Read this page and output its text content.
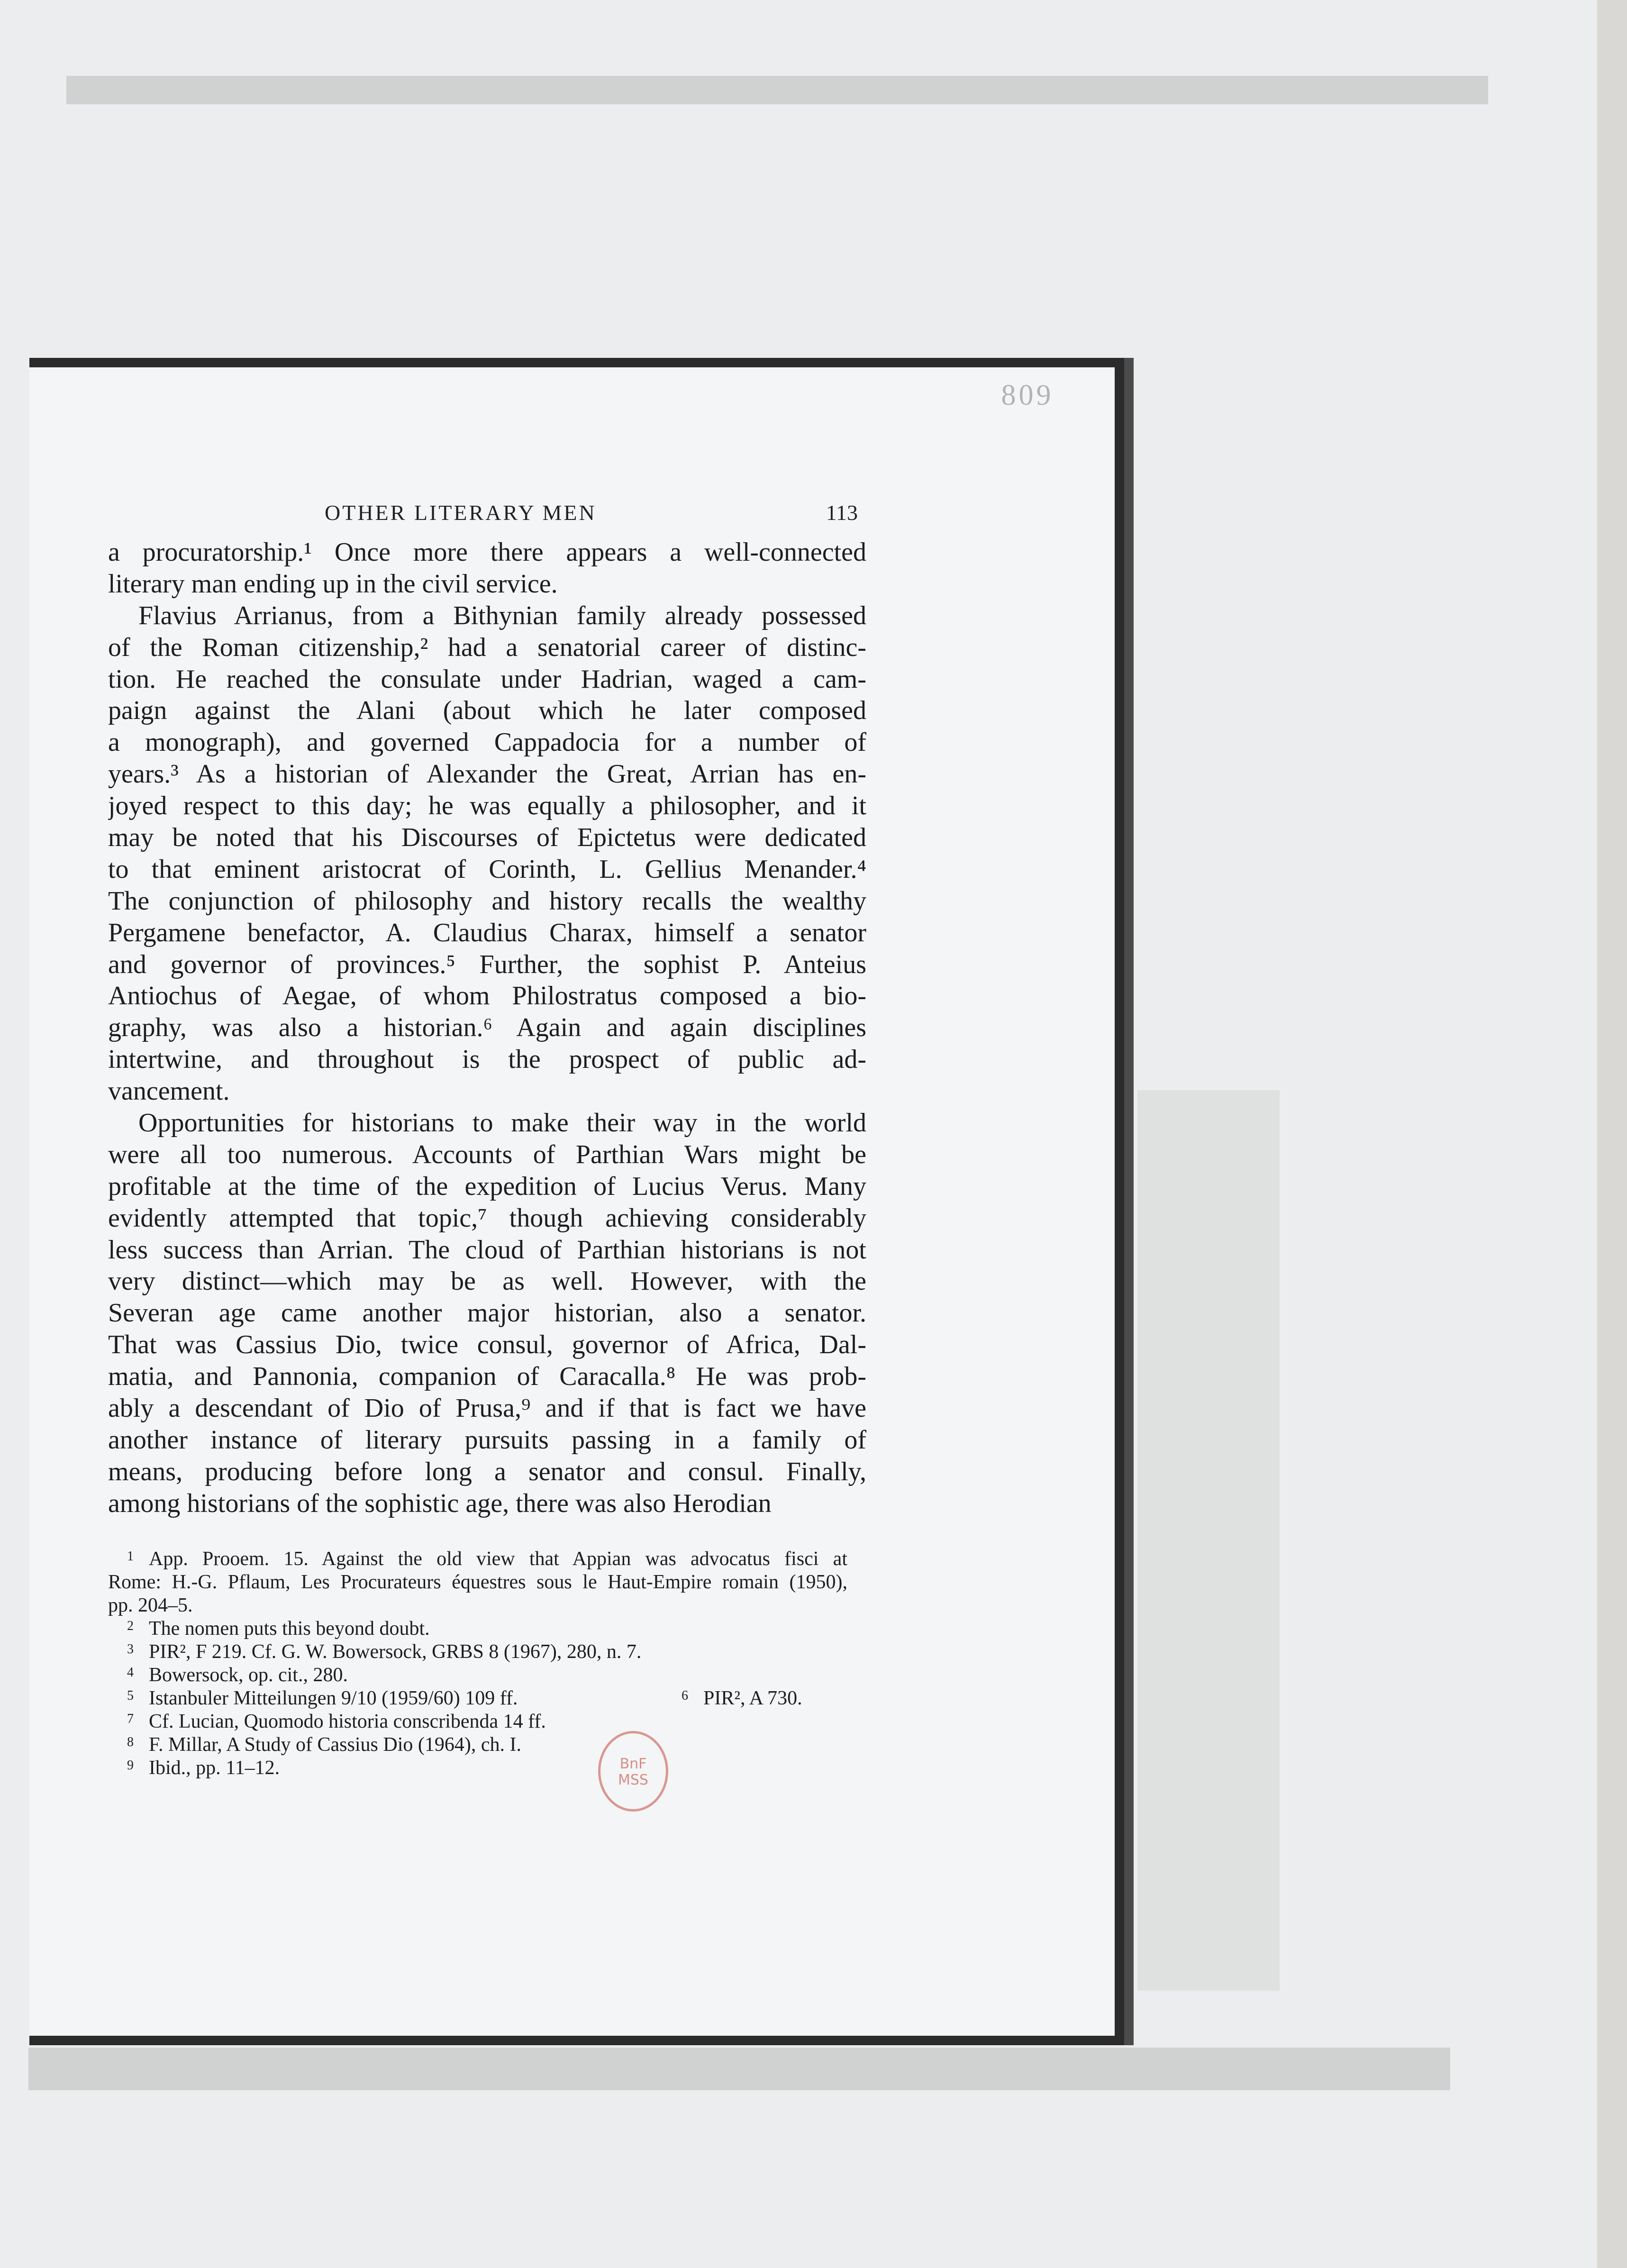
809
OTHER LITERARY MEN	113
a procuratorship.¹ Once more there appears a well-connected
literary man ending up in the civil service.
Flavius Arrianus, from a Bithynian family already possessed
of the Roman citizenship,² had a senatorial career of distinc-
tion. He reached the consulate under Hadrian, waged a cam-
paign against the Alani (about which he later composed
a monograph), and governed Cappadocia for a number of
years.³ As a historian of Alexander the Great, Arrian has en-
joyed respect to this day; he was equally a philosopher, and it
may be noted that his Discourses of Epictetus were dedicated
to that eminent aristocrat of Corinth, L. Gellius Menander.⁴
The conjunction of philosophy and history recalls the wealthy
Pergamene benefactor, A. Claudius Charax, himself a senator
and governor of provinces.⁵ Further, the sophist P. Anteius
Antiochus of Aegae, of whom Philostratus composed a bio-
graphy, was also a historian.⁶ Again and again disciplines
intertwine, and throughout is the prospect of public ad-
vancement.
Opportunities for historians to make their way in the world
were all too numerous. Accounts of Parthian Wars might be
profitable at the time of the expedition of Lucius Verus. Many
evidently attempted that topic,⁷ though achieving considerably
less success than Arrian. The cloud of Parthian historians is not
very distinct—which may be as well. However, with the
Severan age came another major historian, also a senator.
That was Cassius Dio, twice consul, governor of Africa, Dal-
matia, and Pannonia, companion of Caracalla.⁸ He was prob-
ably a descendant of Dio of Prusa,⁹ and if that is fact we have
another instance of literary pursuits passing in a family of
means, producing before long a senator and consul. Finally,
among historians of the sophistic age, there was also Herodian
1 App. Prooem. 15. Against the old view that Appian was advocatus fisci at
Rome: H.-G. Pflaum, Les Procurateurs équestres sous le Haut-Empire romain (1950),
pp. 204–5.
2 The nomen puts this beyond doubt.
3 PIR², F 219. Cf. G. W. Bowersock, GRBS 8 (1967), 280, n. 7.
4 Bowersock, op. cit., 280.
5 Istanbuler Mitteilungen 9/10 (1959/60) 109 ff.	6 PIR², A 730.
7 Cf. Lucian, Quomodo historia conscribenda 14 ff.
8 F. Millar, A Study of Cassius Dio (1964), ch. I.
9 Ibid., pp. 11–12.	BnF
MSS
